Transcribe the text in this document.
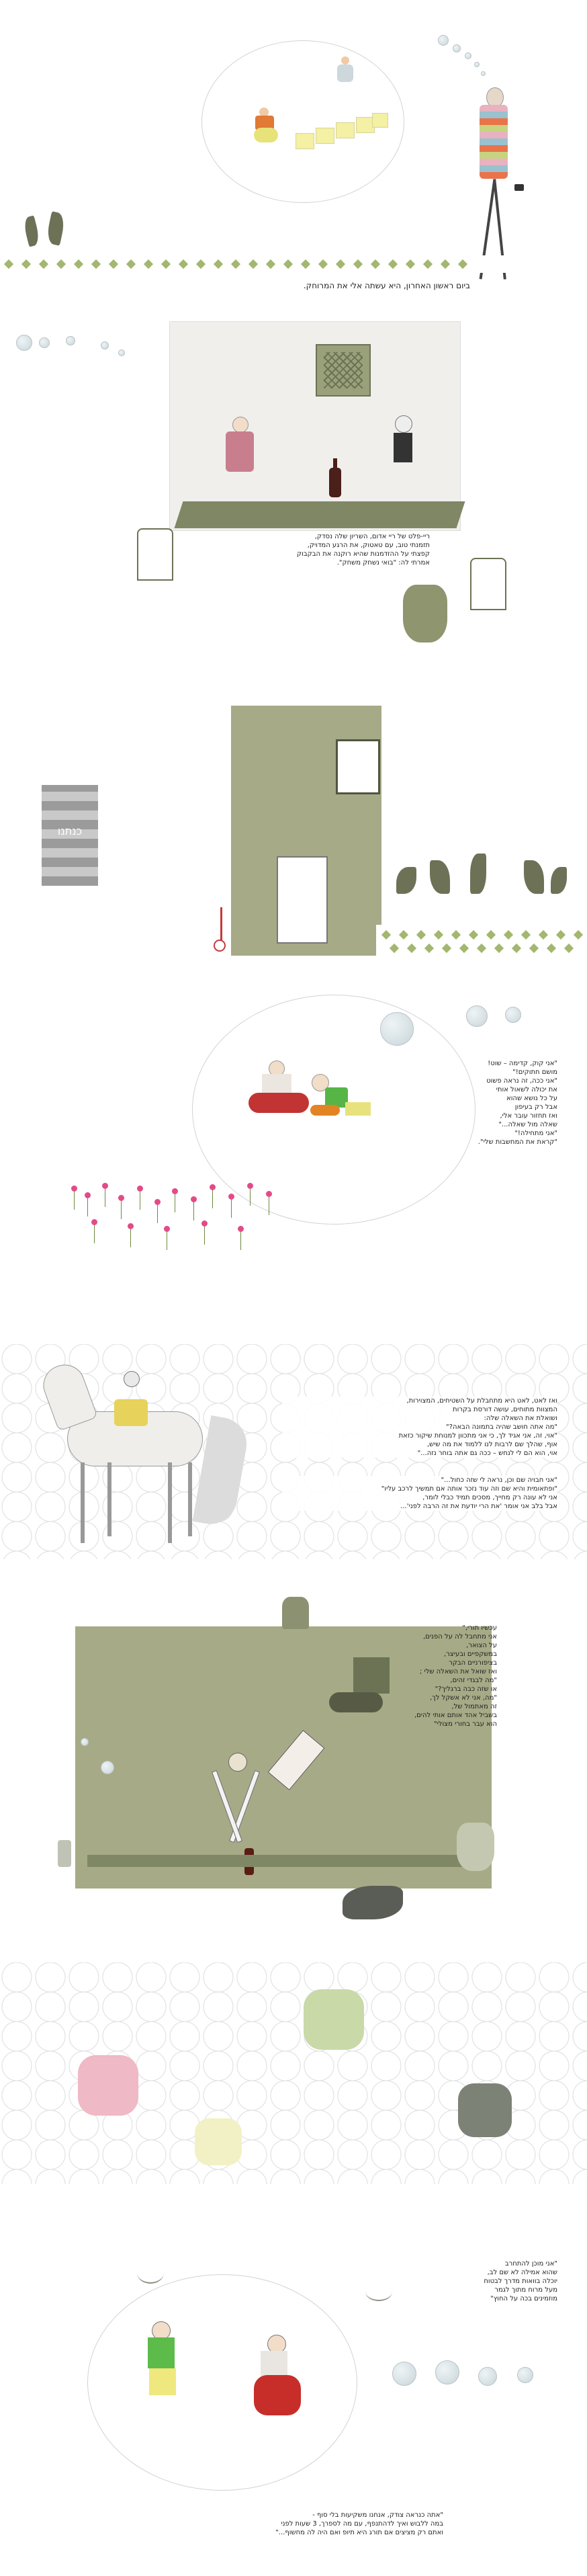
ביום ראשון האחרון, היא עשתה אלי את המרוחק.
ריי-פלט של ריי אדום, השריון שלה נסדק,
תזמנתי טוב, עם טאטוק, את הרגע המדויק,
קפצתי על ההזדמנות שהיא רוקנה את הבקבוק
אמרתי לה: "בואי נשחק משחק".
כנתנו
"אני קוק, קדימה – שוט!
מושם חתוקים!"
"אני ככה, זה נראה פשוט
את יכולה לשאול אותי
על כל נושא שהוא
אבל רק בעיפון
ואז תחזור עובר אלי,
שאלה מול שאלה..."
"אני מתחילה!"
"קראת את המחשבות שלי".
ואז לאט, לאט היא מתחבלת על השטיחים, המצוירות,
המצוות מתוחים, עושה דורסת בקרות
ושואלת את השאלה שלה:
"מה אתה חושב שהיה בתמונה הבאה?"
"אוי, זה, אני אגיד לך, כי אני מתכוון למנוחת שיקור כזאת
אוף, שהלך שם לרבות לנו ללמוד את מה שיש,
אוי, הוא הם לי לנחש – ככה גם אתה בוחר נזה..."
"אני חבויה שם וכן, נראה לי שזה כחול..."
"ופתאומית והיא שם וזה עוד נזכר אותה אם תמשיך לרכב עליו"
אני לא עונה רק מחייך, מסכים תמיד כבלי לומר,
אבל בלב אני אומר 'את הרי יודעת את זה הרבה לפני'...
עכשיו תורי,"
אני מתחבל לה על הפנים,
על הצואר,
במשקפיים ובעיצר,
בציפורניים הבקר
ואז שואל את השאלה שלי ;
"מה לבגדי זהים,
או שזה כבה ברגליך?"
"מה, אני לא אשקל לך,
זה מאתמול של,
בשביל אהד אותם אותי להים,
הוא עבר בחורי מצולי"
"אני מוכן להתחרב
שהוא אמילה לא שם לב,
יוכלה בוואות מדרך לבטוח
מעל מרוח מתוך לגמר
מוזמינים בכה על החוץ"
"אתה כנראה צודק, אנחנו משקיעות בלי סוף -
במה ללבוש ואיך לדהתנפף, עם מה לספרך, 3 שעות לפני
ואתם רק מציצים אם תורג היא תיופ ואם היה לה מחשוף..."
